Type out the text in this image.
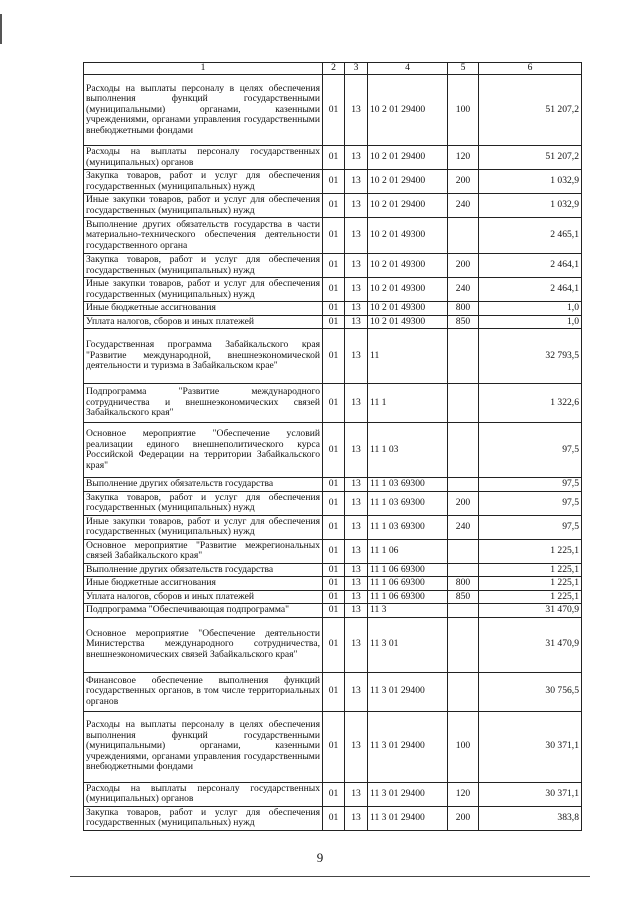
1	2	3	4	5	6
Расходы на выплаты персоналу в целях обеспечения выполнения функций государственными (муниципальными) органами, казенными учреждениями, органами управления государственными внебюджетными фондами	01	13	10 2 01 29400	100	51 207,2
Расходы на выплаты персоналу государственных (муниципальных) органов	01	13	10 2 01 29400	120	51 207,2
Закупка товаров, работ и услуг для обеспечения государственных (муниципальных) нужд	01	13	10 2 01 29400	200	1 032,9
Иные закупки товаров, работ и услуг для обеспечения государственных (муниципальных) нужд	01	13	10 2 01 29400	240	1 032,9
Выполнение других обязательств государства в части материально-технического обеспечения деятельности государственного органа	01	13	10 2 01 49300		2 465,1
Закупка товаров, работ и услуг для обеспечения государственных (муниципальных) нужд	01	13	10 2 01 49300	200	2 464,1
Иные закупки товаров, работ и услуг для обеспечения государственных (муниципальных) нужд	01	13	10 2 01 49300	240	2 464,1
Иные бюджетные ассигнования	01	13	10 2 01 49300	800	1,0
Уплата налогов, сборов и иных платежей	01	13	10 2 01 49300	850	1,0
Государственная программа Забайкальского края "Развитие международной, внешнеэкономической деятельности и туризма в Забайкальском крае"	01	13	11		32 793,5
Подпрограмма "Развитие международного сотрудничества и внешнеэкономических связей Забайкальского края"	01	13	11 1		1 322,6
Основное мероприятие "Обеспечение условий реализации единого внешнеполитического курса Российской Федерации на территории Забайкальского края"	01	13	11 1 03		97,5
Выполнение других обязательств государства	01	13	11 1 03 69300		97,5
Закупка товаров, работ и услуг для обеспечения государственных (муниципальных) нужд	01	13	11 1 03 69300	200	97,5
Иные закупки товаров, работ и услуг для обеспечения государственных (муниципальных) нужд	01	13	11 1 03 69300	240	97,5
Основное мероприятие "Развитие межрегиональных связей Забайкальского края"	01	13	11 1 06		1 225,1
Выполнение других обязательств государства	01	13	11 1 06 69300		1 225,1
Иные бюджетные ассигнования	01	13	11 1 06 69300	800	1 225,1
Уплата налогов, сборов и иных платежей	01	13	11 1 06 69300	850	1 225,1
Подпрограмма "Обеспечивающая подпрограмма"	01	13	11 3		31 470,9
Основное мероприятие "Обеспечение деятельности Министерства международного сотрудничества, внешнеэкономических связей Забайкальского края"	01	13	11 3 01		31 470,9
Финансовое обеспечение выполнения функций государственных органов, в том числе территориальных органов	01	13	11 3 01 29400		30 756,5
Расходы на выплаты персоналу в целях обеспечения выполнения функций государственными (муниципальными) органами, казенными учреждениями, органами управления государственными внебюджетными фондами	01	13	11 3 01 29400	100	30 371,1
Расходы на выплаты персоналу государственных (муниципальных) органов	01	13	11 3 01 29400	120	30 371,1
Закупка товаров, работ и услуг для обеспечения государственных (муниципальных) нужд	01	13	11 3 01 29400	200	383,8
9
